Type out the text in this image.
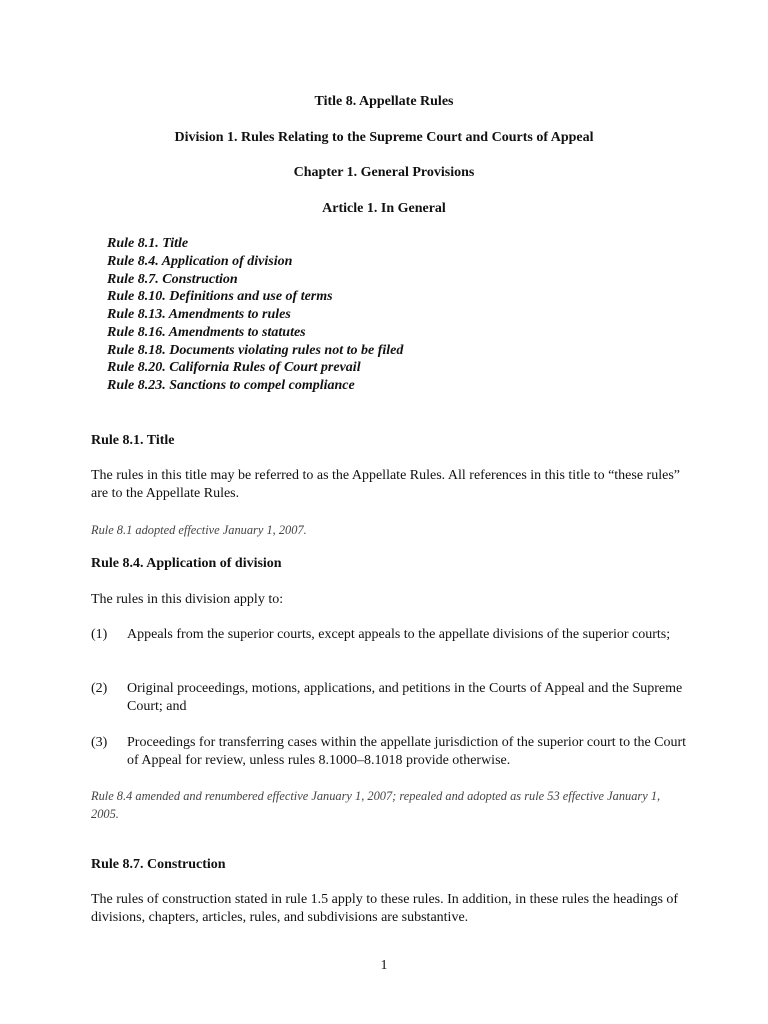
Title 8. Appellate Rules
Division 1. Rules Relating to the Supreme Court and Courts of Appeal
Chapter 1. General Provisions
Article 1. In General
Rule 8.1. Title
Rule 8.4. Application of division
Rule 8.7. Construction
Rule 8.10. Definitions and use of terms
Rule 8.13. Amendments to rules
Rule 8.16. Amendments to statutes
Rule 8.18. Documents violating rules not to be filed
Rule 8.20. California Rules of Court prevail
Rule 8.23. Sanctions to compel compliance
Rule 8.1. Title
The rules in this title may be referred to as the Appellate Rules. All references in this title to “these rules” are to the Appellate Rules.
Rule 8.1 adopted effective January 1, 2007.
Rule 8.4. Application of division
The rules in this division apply to:
(1) Appeals from the superior courts, except appeals to the appellate divisions of the superior courts;
(2) Original proceedings, motions, applications, and petitions in the Courts of Appeal and the Supreme Court; and
(3) Proceedings for transferring cases within the appellate jurisdiction of the superior court to the Court of Appeal for review, unless rules 8.1000–8.1018 provide otherwise.
Rule 8.4 amended and renumbered effective January 1, 2007; repealed and adopted as rule 53 effective January 1, 2005.
Rule 8.7. Construction
The rules of construction stated in rule 1.5 apply to these rules. In addition, in these rules the headings of divisions, chapters, articles, rules, and subdivisions are substantive.
1
